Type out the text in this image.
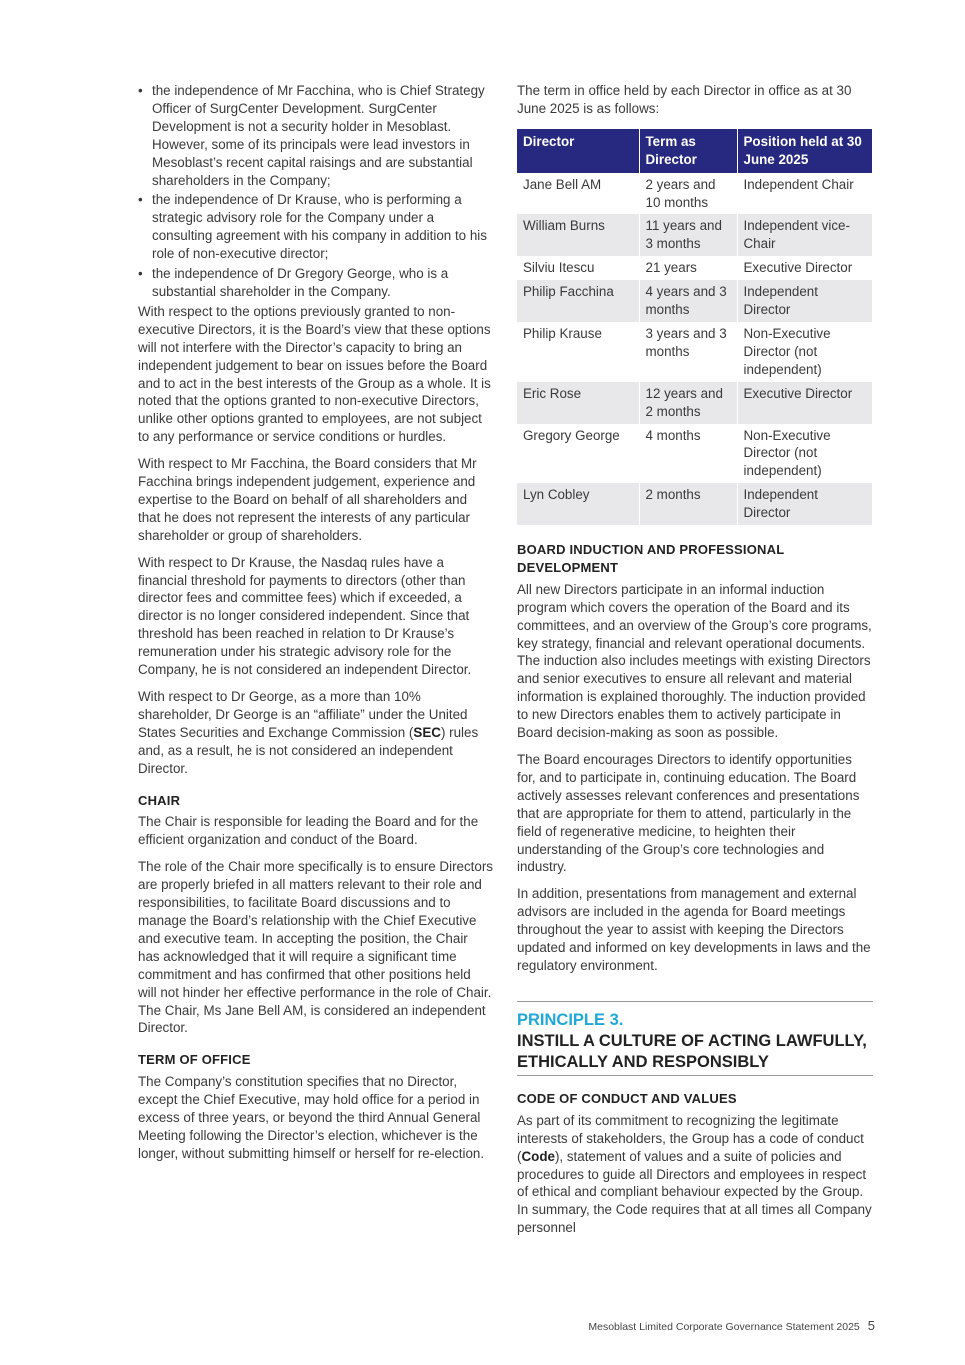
• the independence of Mr Facchina, who is Chief Strategy Officer of SurgCenter Development. SurgCenter Development is not a security holder in Mesoblast. However, some of its principals were lead investors in Mesoblast’s recent capital raisings and are substantial shareholders in the Company;
• the independence of Dr Krause, who is performing a strategic advisory role for the Company under a consulting agreement with his company in addition to his role of non-executive director;
• the independence of Dr Gregory George, who is a substantial shareholder in the Company.

With respect to the options previously granted to non-executive Directors, it is the Board’s view that these options will not interfere with the Director’s capacity to bring an independent judgement to bear on issues before the Board and to act in the best interests of the Group as a whole. It is noted that the options granted to non-executive Directors, unlike other options granted to employees, are not subject to any performance or service conditions or hurdles.

With respect to Mr Facchina, the Board considers that Mr Facchina brings independent judgement, experience and expertise to the Board on behalf of all shareholders and that he does not represent the interests of any particular shareholder or group of shareholders.

With respect to Dr Krause, the Nasdaq rules have a financial threshold for payments to directors (other than director fees and committee fees) which if exceeded, a director is no longer considered independent. Since that threshold has been reached in relation to Dr Krause’s remuneration under his strategic advisory role for the Company, he is not considered an independent Director.

With respect to Dr George, as a more than 10% shareholder, Dr George is an “affiliate” under the United States Securities and Exchange Commission (SEC) rules and, as a result, he is not considered an independent Director.

CHAIR

The Chair is responsible for leading the Board and for the efficient organization and conduct of the Board.

The role of the Chair more specifically is to ensure Directors are properly briefed in all matters relevant to their role and responsibilities, to facilitate Board discussions and to manage the Board’s relationship with the Chief Executive and executive team. In accepting the position, the Chair has acknowledged that it will require a significant time commitment and has confirmed that other positions held will not hinder her effective performance in the role of Chair. The Chair, Ms Jane Bell AM, is considered an independent Director.

TERM OF OFFICE

The Company’s constitution specifies that no Director, except the Chief Executive, may hold office for a period in excess of three years, or beyond the third Annual General Meeting following the Director’s election, whichever is the longer, without submitting himself or herself for re-election.

The term in office held by each Director in office as at 30 June 2025 is as follows:

Director	Term as Director	Position held at 30 June 2025
Jane Bell AM	2 years and 10 months	Independent Chair
William Burns	11 years and 3 months	Independent vice-Chair
Silviu Itescu	21 years	Executive Director
Philip Facchina	4 years and 3 months	Independent Director
Philip Krause	3 years and 3 months	Non-Executive Director (not independent)
Eric Rose	12 years and 2 months	Executive Director
Gregory George	4 months	Non-Executive Director (not independent)
Lyn Cobley	2 months	Independent Director
BOARD INDUCTION AND PROFESSIONAL DEVELOPMENT

All new Directors participate in an informal induction program which covers the operation of the Board and its committees, and an overview of the Group’s core programs, key strategy, financial and relevant operational documents. The induction also includes meetings with existing Directors and senior executives to ensure all relevant and material information is explained thoroughly. The induction provided to new Directors enables them to actively participate in Board decision-making as soon as possible.

The Board encourages Directors to identify opportunities for, and to participate in, continuing education. The Board actively assesses relevant conferences and presentations that are appropriate for them to attend, particularly in the field of regenerative medicine, to heighten their understanding of the Group’s core technologies and industry.

In addition, presentations from management and external advisors are included in the agenda for Board meetings throughout the year to assist with keeping the Directors updated and informed on key developments in laws and the regulatory environment.

PRINCIPLE 3.
INSTILL A CULTURE OF ACTING LAWFULLY, ETHICALLY AND RESPONSIBLY
CODE OF CONDUCT AND VALUES

As part of its commitment to recognizing the legitimate interests of stakeholders, the Group has a code of conduct (Code), statement of values and a suite of policies and procedures to guide all Directors and employees in respect of ethical and compliant behaviour expected by the Group. In summary, the Code requires that at all times all Company personnel

Mesoblast Limited Corporate Governance Statement 2025 5
